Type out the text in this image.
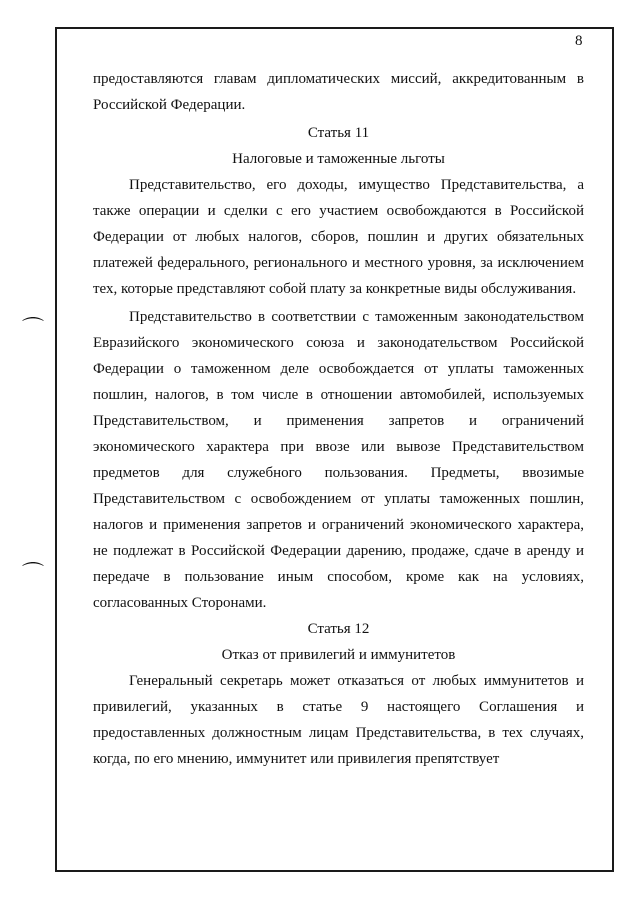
8
⌒
⌒

предоставляются главам дипломатических миссий, аккредитованным в Российской Федерации.

Статья 11

Налоговые и таможенные льготы

Представительство, его доходы, имущество Представительства, а также операции и сделки с его участием освобождаются в Российской Федерации от любых налогов, сборов, пошлин и других обязательных платежей федерального, регионального и местного уровня, за исключением тех, которые представляют собой плату за конкретные виды обслуживания.

Представительство в соответствии с таможенным законодательством Евразийского экономического союза и законодательством Российской Федерации о таможенном деле освобождается от уплаты таможенных пошлин, налогов, в том числе в отношении автомобилей, используемых Представительством, и применения запретов и ограничений экономического характера при ввозе или вывозе Представительством предметов для служебного пользования. Предметы, ввозимые Представительством с освобождением от уплаты таможенных пошлин, налогов и применения запретов и ограничений экономического характера, не подлежат в Российской Федерации дарению, продаже, сдаче в аренду и передаче в пользование иным способом, кроме как на условиях, согласованных Сторонами.

Статья 12

Отказ от привилегий и иммунитетов

Генеральный секретарь может отказаться от любых иммунитетов и привилегий, указанных в статье 9 настоящего Соглашения и предоставленных должностным лицам Представительства, в тех случаях, когда, по его мнению, иммунитет или привилегия препятствует
